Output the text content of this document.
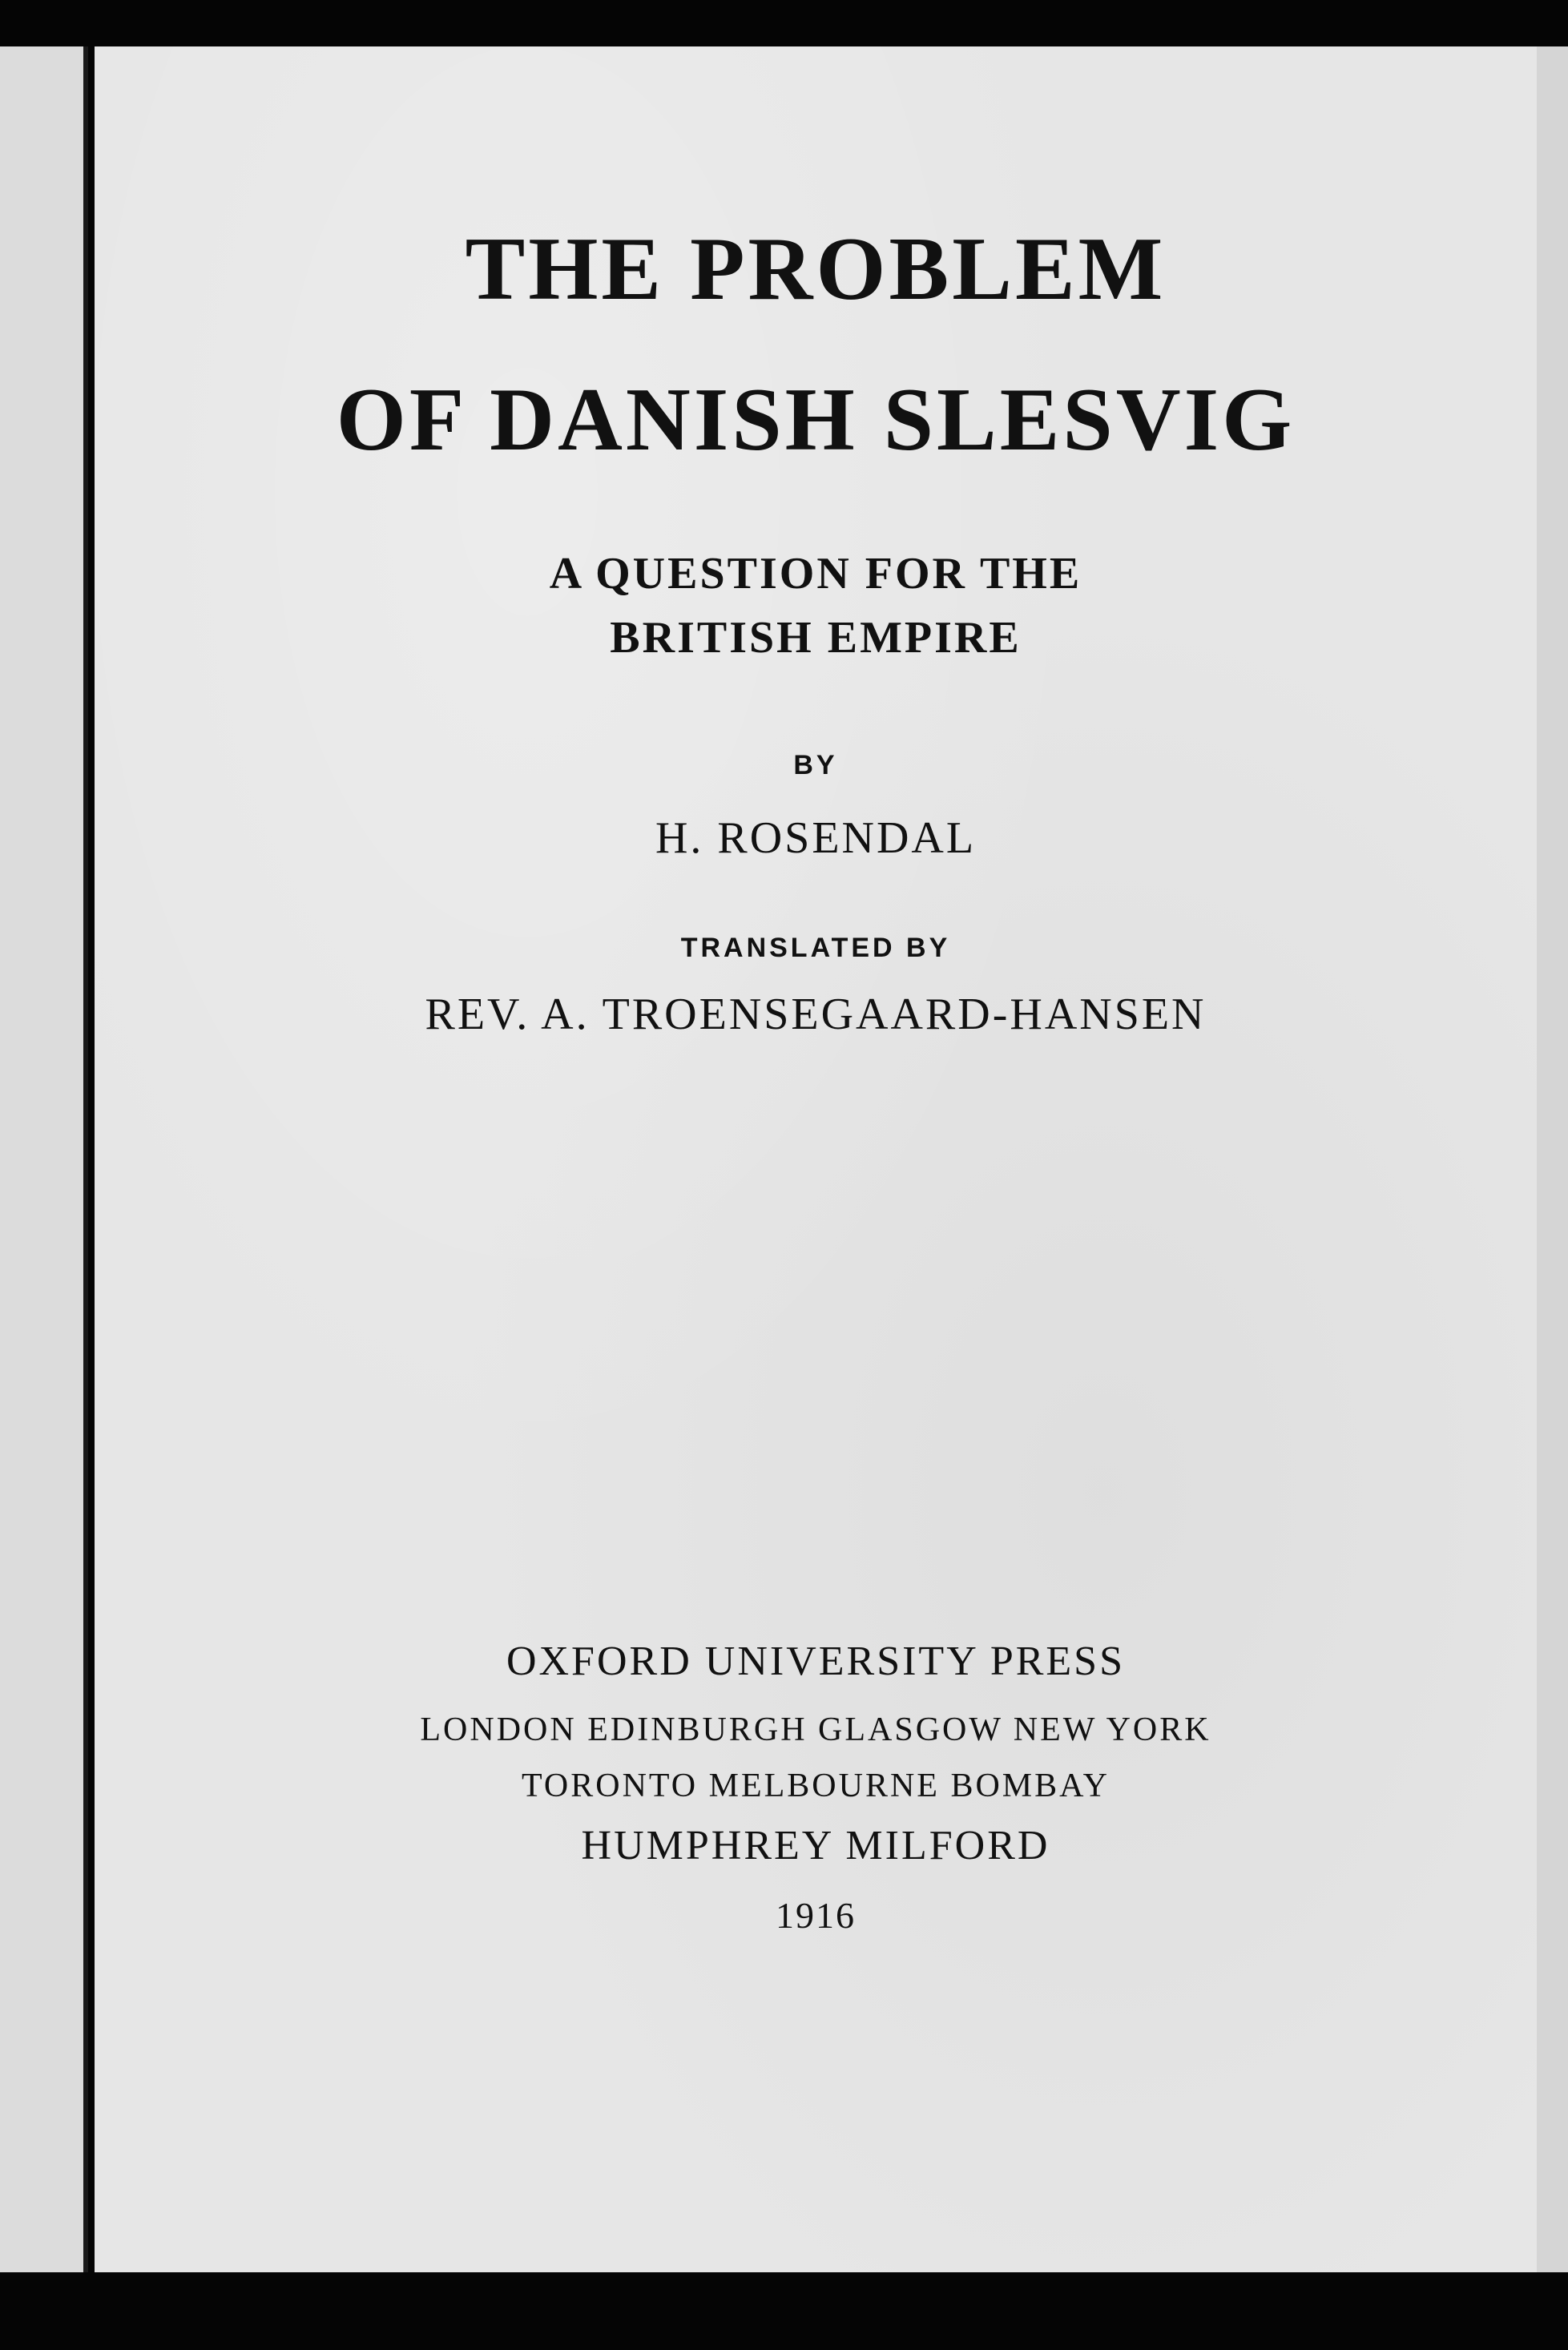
THE PROBLEM

OF DANISH SLESVIG

A QUESTION FOR THE

BRITISH EMPIRE

BY

H. ROSENDAL

TRANSLATED BY

REV. A. TROENSEGAARD-HANSEN

OXFORD UNIVERSITY PRESS

LONDON EDINBURGH GLASGOW NEW YORK

TORONTO MELBOURNE BOMBAY

HUMPHREY MILFORD

1916
